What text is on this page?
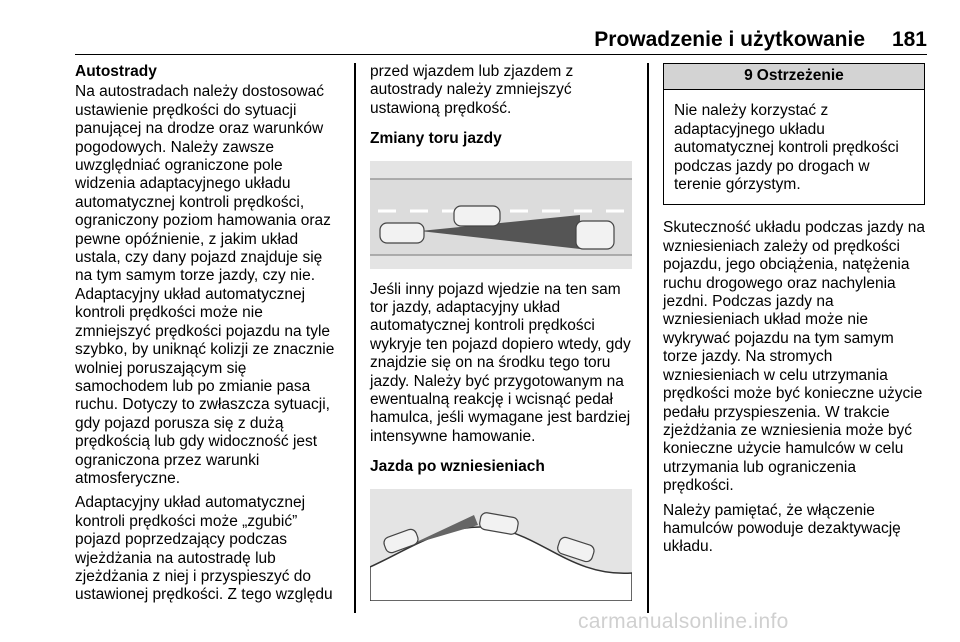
Prowadzenie i użytkowanie 181
Autostrady

Na autostradach należy dostosować ustawienie prędkości do sytuacji panującej na drodze oraz warunków pogodowych. Należy zawsze uwzględniać ograniczone pole widzenia adaptacyjnego układu automatycznej kontroli prędkości, ograniczony poziom hamowania oraz pewne opóźnienie, z jakim układ ustala, czy dany pojazd znajduje się na tym samym torze jazdy, czy nie. Adaptacyjny układ automatycznej kontroli prędkości może nie zmniejszyć prędkości pojazdu na tyle szybko, by uniknąć kolizji ze znacznie wolniej poruszającym się samochodem lub po zmianie pasa ruchu. Dotyczy to zwłaszcza sytuacji, gdy pojazd porusza się z dużą prędkością lub gdy widoczność jest ograniczona przez warunki atmosferyczne.

Adaptacyjny układ automatycznej kontroli prędkości może „zgubić” pojazd poprzedzający podczas wjeżdżania na autostradę lub zjeżdżania z niej i przyspieszyć do ustawionej prędkości. Z tego względu

przed wjazdem lub zjazdem z autostrady należy zmniejszyć ustawioną prędkość.

Zmiany toru jazdy

Jeśli inny pojazd wjedzie na ten sam tor jazdy, adaptacyjny układ automatycznej kontroli prędkości wykryje ten pojazd dopiero wtedy, gdy znajdzie się on na środku tego toru jazdy. Należy być przygotowanym na ewentualną reakcję i wcisnąć pedał hamulca, jeśli wymagane jest bardziej intensywne hamowanie.

Jazda po wzniesieniach
9 Ostrzeżenie
Nie należy korzystać z adaptacyjnego układu automatycznej kontroli prędkości podczas jazdy po drogach w terenie górzystym.

Skuteczność układu podczas jazdy na wzniesieniach zależy od prędkości pojazdu, jego obciążenia, natężenia ruchu drogowego oraz nachylenia jezdni. Podczas jazdy na wzniesieniach układ może nie wykrywać pojazdu na tym samym torze jazdy. Na stromych wzniesieniach w celu utrzymania prędkości może być konieczne użycie pedału przyspieszenia. W trakcie zjeżdżania ze wzniesienia może być konieczne użycie hamulców w celu utrzymania lub ograniczenia prędkości.

Należy pamiętać, że włączenie hamulców powoduje dezaktywację układu.

carmanualsonline.info
